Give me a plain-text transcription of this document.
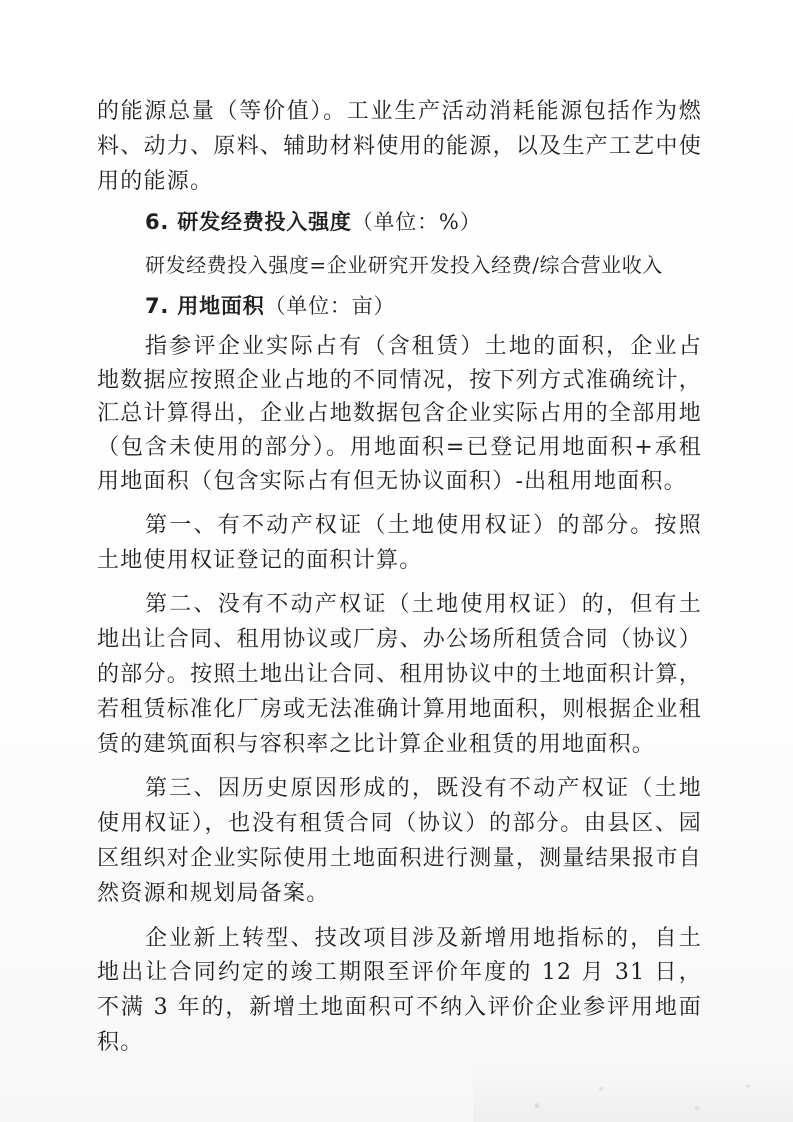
的能源总量（等价值）。工业生产活动消耗能源包括作为燃料、动力、原料、辅助材料使用的能源，以及生产工艺中使用的能源。

6. 研发经费投入强度（单位：%）

研发经费投入强度=企业研究开发投入经费/综合营业收入

7. 用地面积（单位：亩）

指参评企业实际占有（含租赁）土地的面积，企业占地数据应按照企业占地的不同情况，按下列方式准确统计，汇总计算得出，企业占地数据包含企业实际占用的全部用地（包含未使用的部分）。用地面积=已登记用地面积+承租用地面积（包含实际占有但无协议面积）-出租用地面积。

第一、有不动产权证（土地使用权证）的部分。按照土地使用权证登记的面积计算。

第二、没有不动产权证（土地使用权证）的，但有土地出让合同、租用协议或厂房、办公场所租赁合同（协议）的部分。按照土地出让合同、租用协议中的土地面积计算，若租赁标准化厂房或无法准确计算用地面积，则根据企业租赁的建筑面积与容积率之比计算企业租赁的用地面积。

第三、因历史原因形成的，既没有不动产权证（土地使用权证），也没有租赁合同（协议）的部分。由县区、园区组织对企业实际使用土地面积进行测量，测量结果报市自然资源和规划局备案。

企业新上转型、技改项目涉及新增用地指标的，自土地出让合同约定的竣工期限至评价年度的 12 月 31 日，不满 3 年的，新增土地面积可不纳入评价企业参评用地面积。
